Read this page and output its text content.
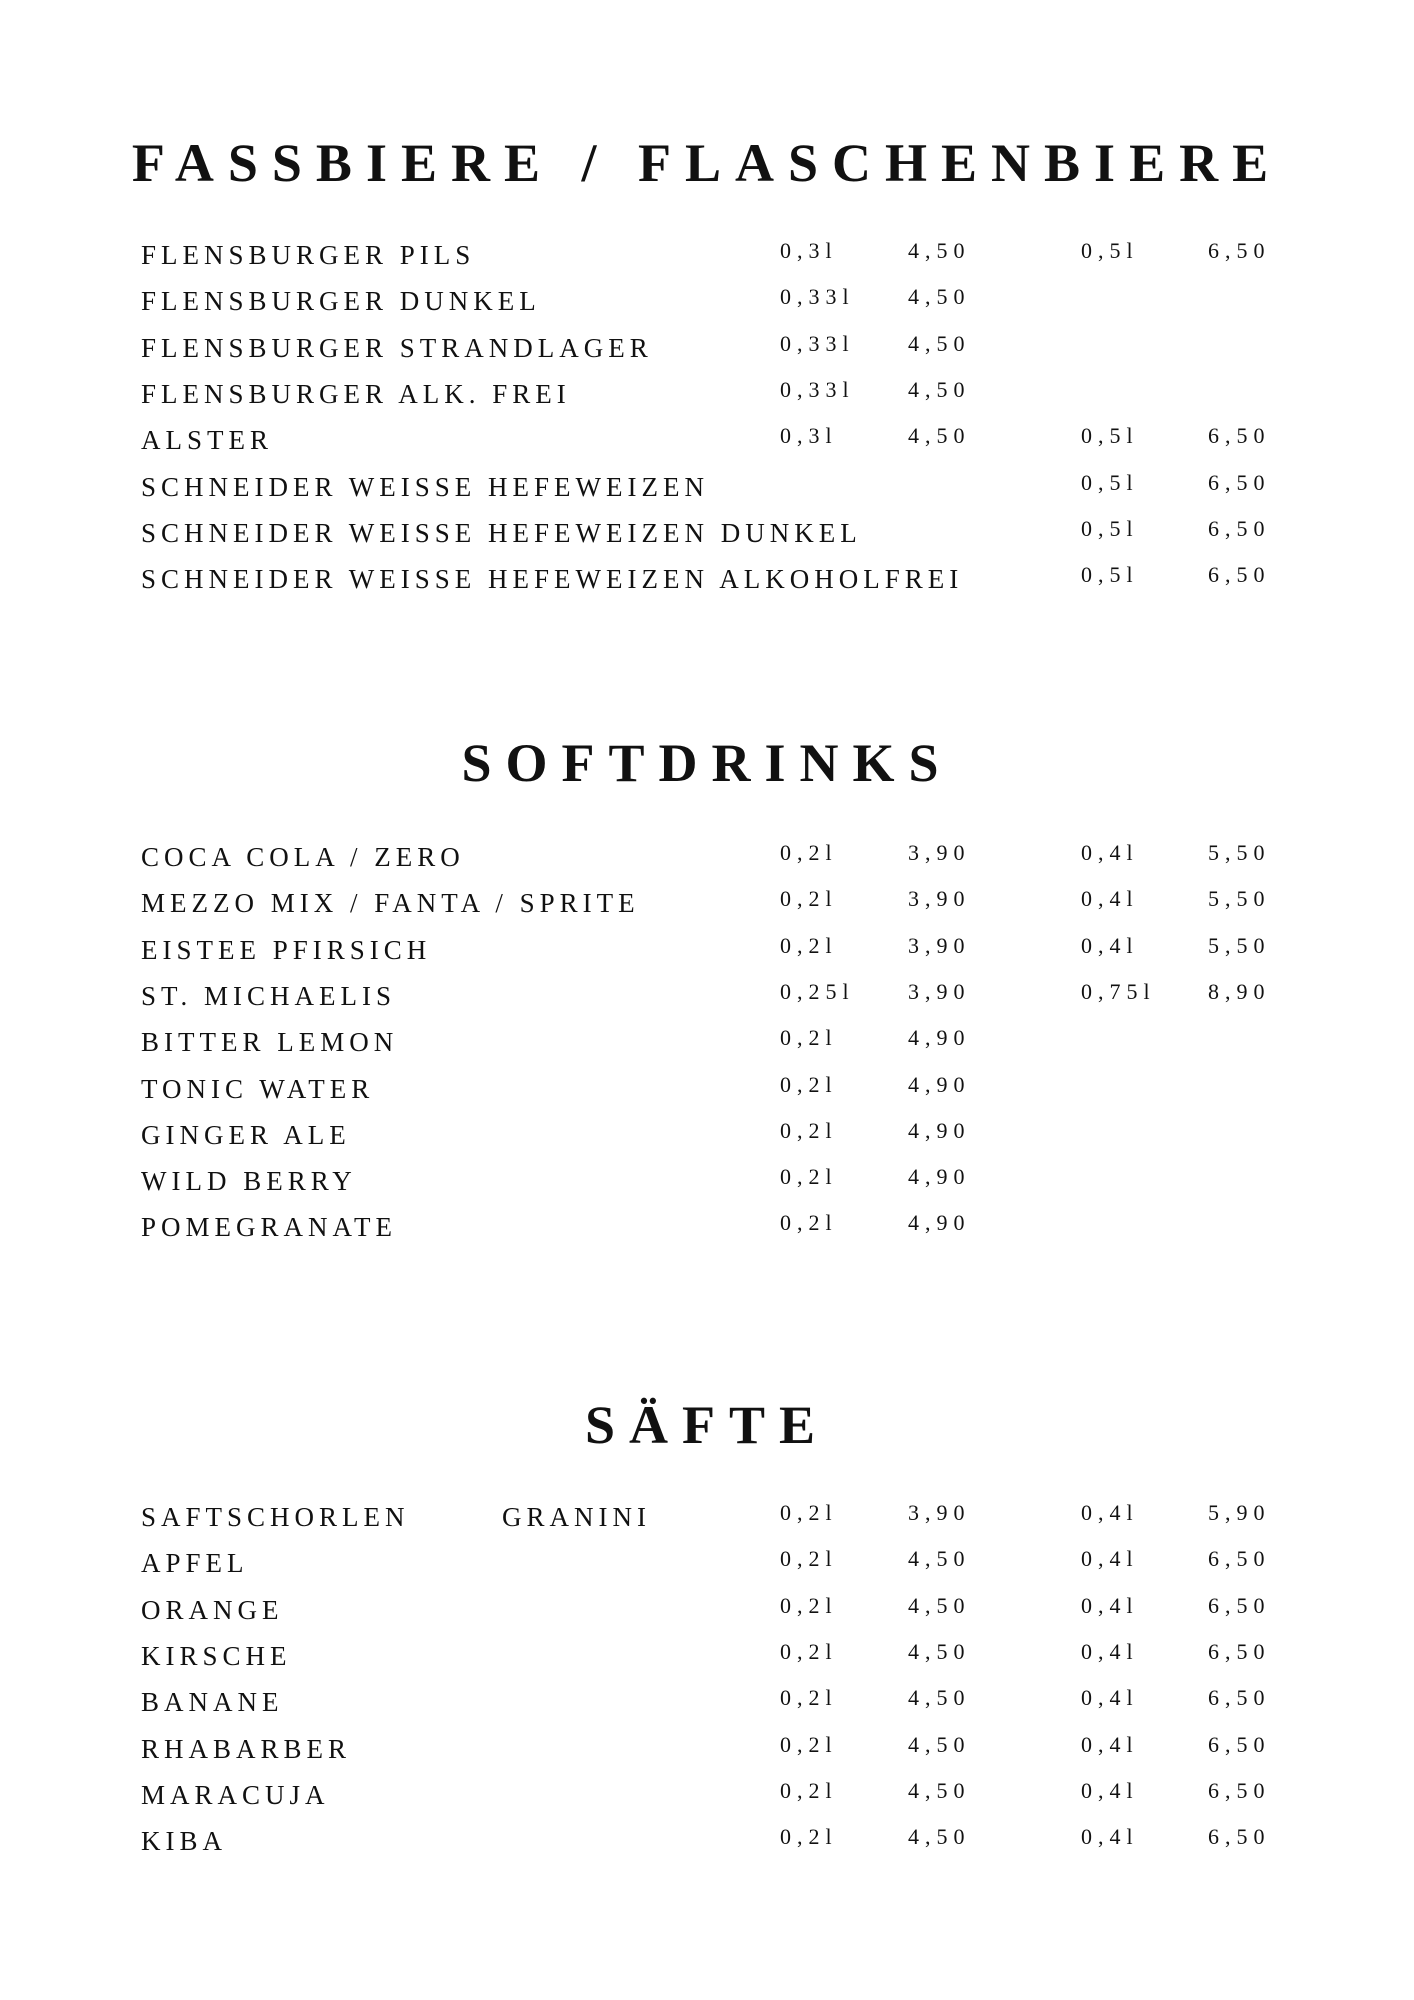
FASSBIERE / FLASCHENBIERE
FLENSBURGER PILS	0,3l	4,50	0,5l	6,50
FLENSBURGER DUNKEL	0,33l 4,50
FLENSBURGER STRANDLAGER	0,33l 4,50
FLENSBURGER ALK. FREI	0,33l 4,50
ALSTER	0,3l	4,50	0,5l	6,50
SCHNEIDER WEISSE HEFEWEIZEN	0,5l	6,50
SCHNEIDER WEISSE HEFEWEIZEN DUNKEL	0,5l	6,50
SCHNEIDER WEISSE HEFEWEIZEN ALKOHOLFREI	0,5l	6,50
SOFTDRINKS
COCA COLA / ZERO	0,2l	3,90	0,4l	5,50
MEZZO MIX / FANTA / SPRITE	0,2l	3,90	0,4l	5,50
EISTEE PFIRSICH	0,2l	3,90	0,4l	5,50
ST. MICHAELIS	0,25l 3,90	0,75l 8,90
BITTER LEMON	0,2l	4,90
TONIC WATER	0,2l	4,90
GINGER ALE	0,2l	4,90
WILD BERRY	0,2l	4,90
POMEGRANATE	0,2l	4,90
SÄFTE
SAFTSCHORLEN	GRANINI	0,2l	3,90	0,4l	5,90
APFEL	0,2l	4,50	0,4l	6,50
ORANGE	0,2l	4,50	0,4l	6,50
KIRSCHE	0,2l	4,50	0,4l	6,50
BANANE	0,2l	4,50	0,4l	6,50
RHABARBER	0,2l	4,50	0,4l	6,50
MARACUJA	0,2l	4,50	0,4l	6,50
KIBA	0,2l	4,50	0,4l	6,50
